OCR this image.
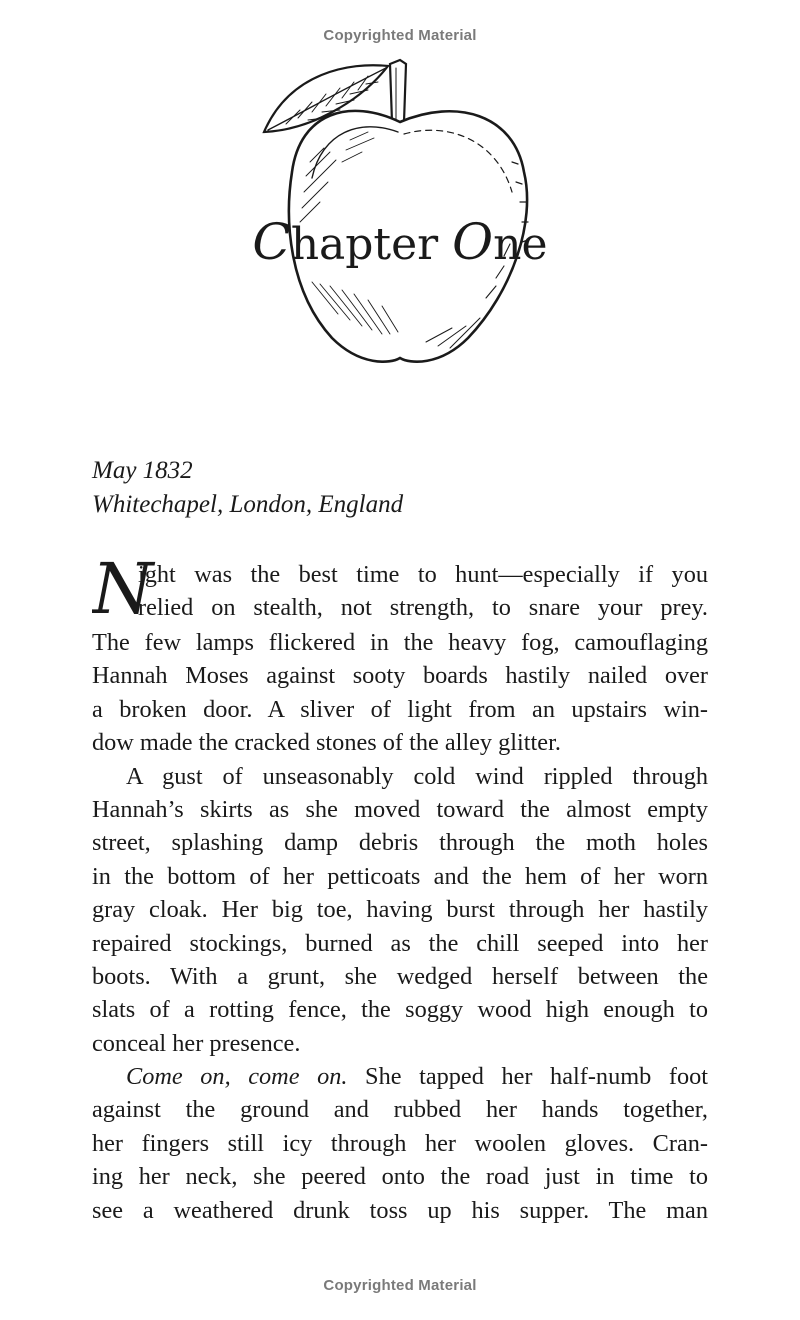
Copyrighted Material
Chapter One
May 1832
Whitechapel, London, England
N
ight was the best time to hunt—especially if you
relied on stealth, not strength, to snare your prey.
The few lamps flickered in the heavy fog, camouflaging
Hannah Moses against sooty boards hastily nailed over
a broken door. A sliver of light from an upstairs win-
dow made the cracked stones of the alley glitter.
A gust of unseasonably cold wind rippled through
Hannah’s skirts as she moved toward the almost empty
street, splashing damp debris through the moth holes
in the bottom of her petticoats and the hem of her worn
gray cloak. Her big toe, having burst through her hastily
repaired stockings, burned as the chill seeped into her
boots. With a grunt, she wedged herself between the
slats of a rotting fence, the soggy wood high enough to
conceal her presence.
Come on, come on. She tapped her half-numb foot
against the ground and rubbed her hands together,
her fingers still icy through her woolen gloves. Cran-
ing her neck, she peered onto the road just in time to
see a weathered drunk toss up his supper. The man
Copyrighted Material
